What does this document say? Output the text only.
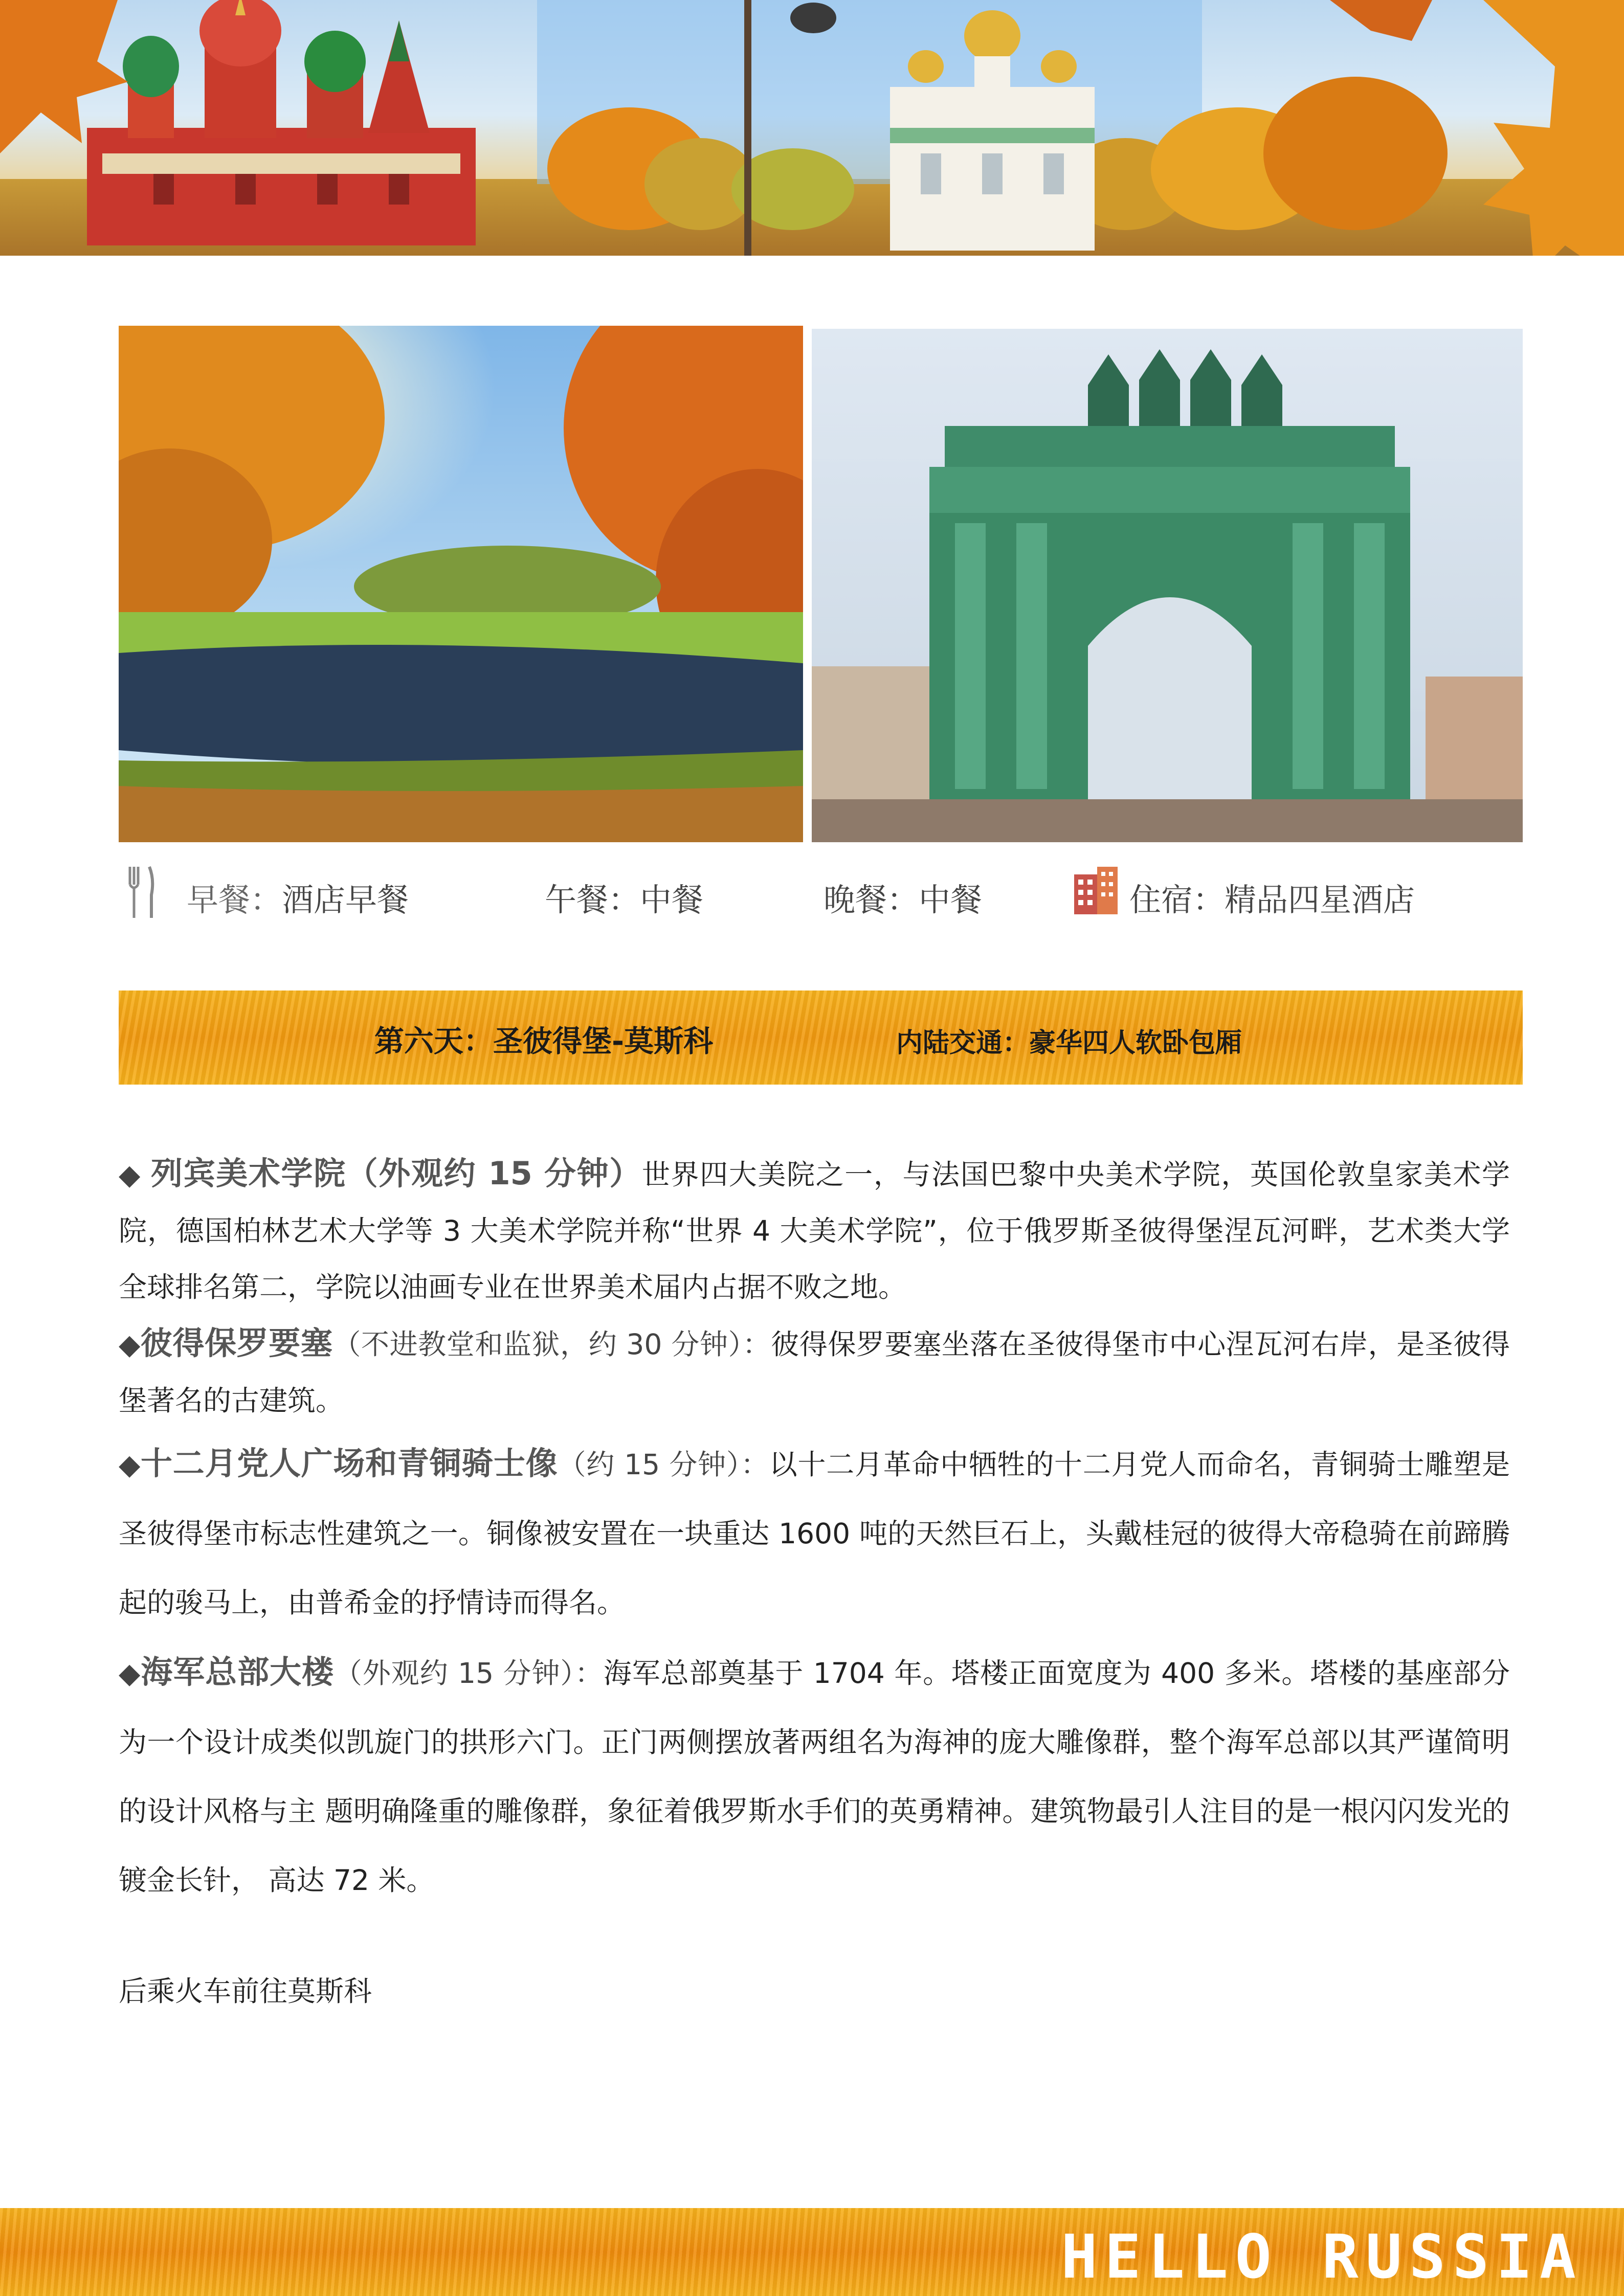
早餐：酒店早餐	午餐：中餐	晚餐：中餐	住宿：精品四星酒店
第六天：圣彼得堡-莫斯科	内陆交通：豪华四人软卧包厢

◆ 列宾美术学院（外观约 15 分钟）世界四大美院之一，与法国巴黎中央美术学院，英国伦敦皇家美术学院，德国柏林艺术大学等 3 大美术学院并称“世界 4 大美术学院”，位于俄罗斯圣彼得堡涅瓦河畔，艺术类大学全球排名第二，学院以油画专业在世界美术届内占据不败之地。

◆彼得保罗要塞（不进教堂和监狱，约 30 分钟）：彼得保罗要塞坐落在圣彼得堡市中心涅瓦河右岸，是圣彼得堡著名的古建筑。

◆十二月党人广场和青铜骑士像（约 15 分钟）：以十二月革命中牺牲的十二月党人而命名，青铜骑士雕塑是圣彼得堡市标志性建筑之一。铜像被安置在一块重达 1600 吨的天然巨石上，头戴桂冠的彼得大帝稳骑在前蹄腾起的骏马上，由普希金的抒情诗而得名。

◆海军总部大楼（外观约 15 分钟）：海军总部奠基于 1704 年。塔楼正面宽度为 400 多米。塔楼的基座部分为一个设计成类似凯旋门的拱形六门。正门两侧摆放著两组名为海神的庞大雕像群，整个海军总部以其严谨简明的设计风格与主 题明确隆重的雕像群，象征着俄罗斯水手们的英勇精神。建筑物最引人注目的是一根闪闪发光的镀金长针， 高达 72 米。

后乘火车前往莫斯科
HELLO RUSSIA
